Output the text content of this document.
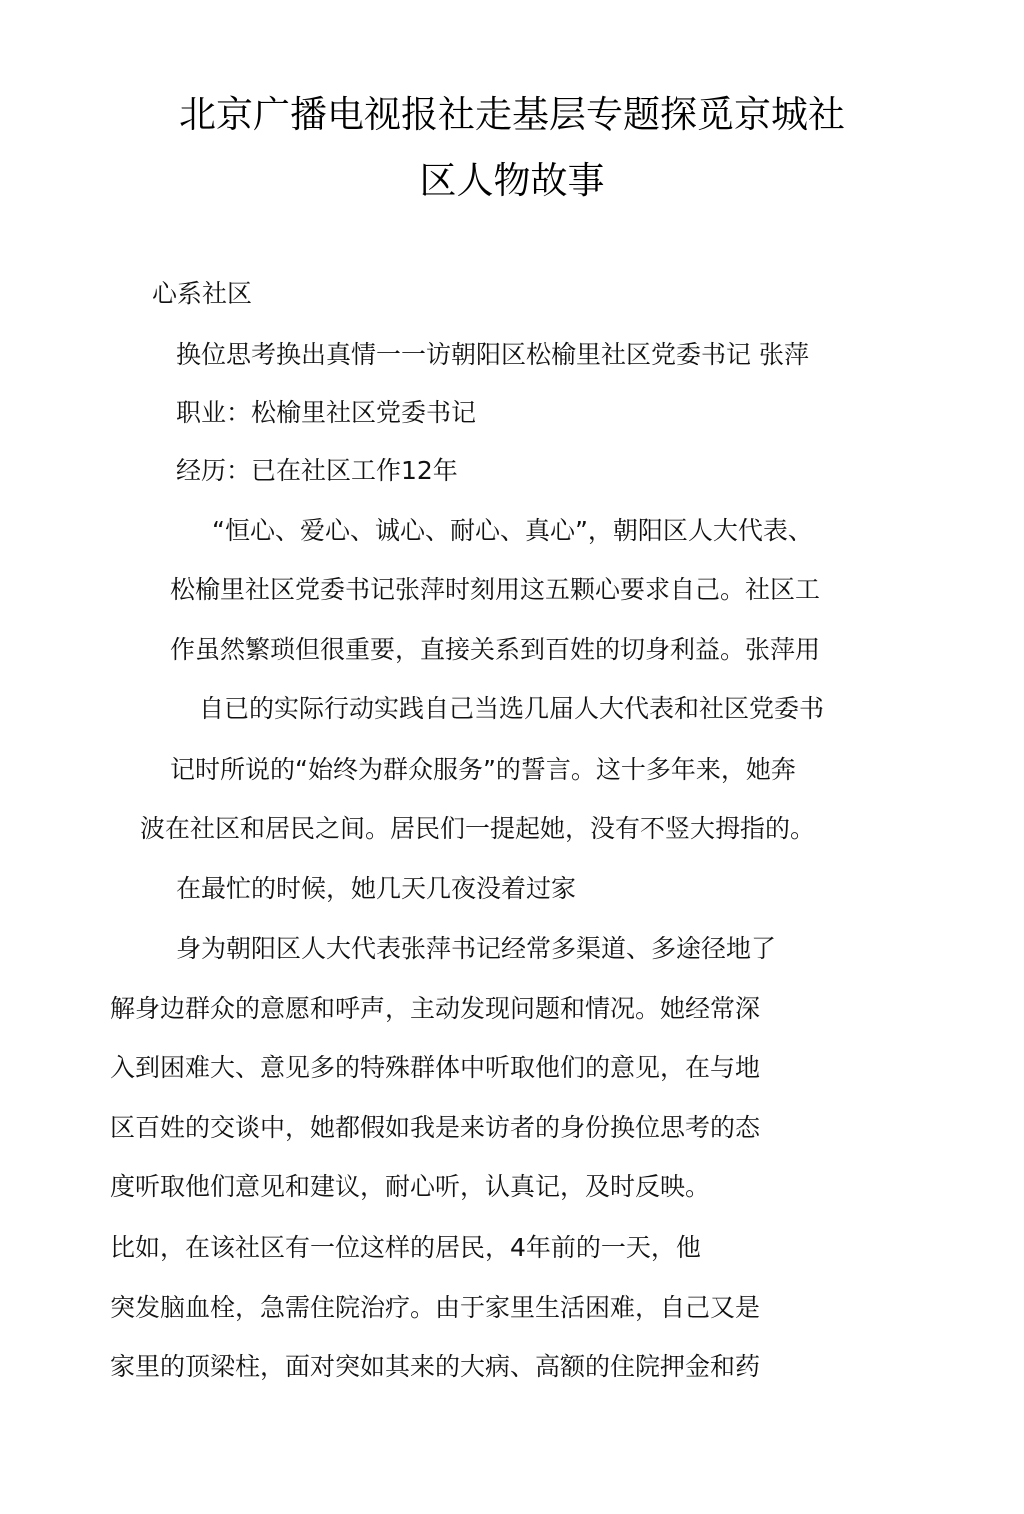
北京广播电视报社走基层专题探觅京城社
区人物故事
心系社区
换位思考换出真情一一访朝阳区松榆里社区党委书记 张萍
职业：松榆里社区党委书记
经历：已在社区工作12年
“恒心、爱心、诚心、耐心、真心”，朝阳区人大代表、
松榆里社区党委书记张萍时刻用这五颗心要求自己。社区工
作虽然繁琐但很重要，直接关系到百姓的切身利益。张萍用
自已的实际行动实践自己当选几届人大代表和社区党委书
记时所说的“始终为群众服务”的誓言。这十多年来，她奔
波在社区和居民之间。居民们一提起她，没有不竖大拇指的。
在最忙的时候，她几天几夜没着过家
身为朝阳区人大代表张萍书记经常多渠道、多途径地了
解身边群众的意愿和呼声，主动发现问题和情况。她经常深
入到困难大、意见多的特殊群体中听取他们的意见，在与地
区百姓的交谈中，她都假如我是来访者的身份换位思考的态
度听取他们意见和建议，耐心听，认真记，及时反映。
比如，在该社区有一位这样的居民，4年前的一天，他
突发脑血栓，急需住院治疗。由于家里生活困难，自己又是
家里的顶梁柱，面对突如其来的大病、高额的住院押金和药
